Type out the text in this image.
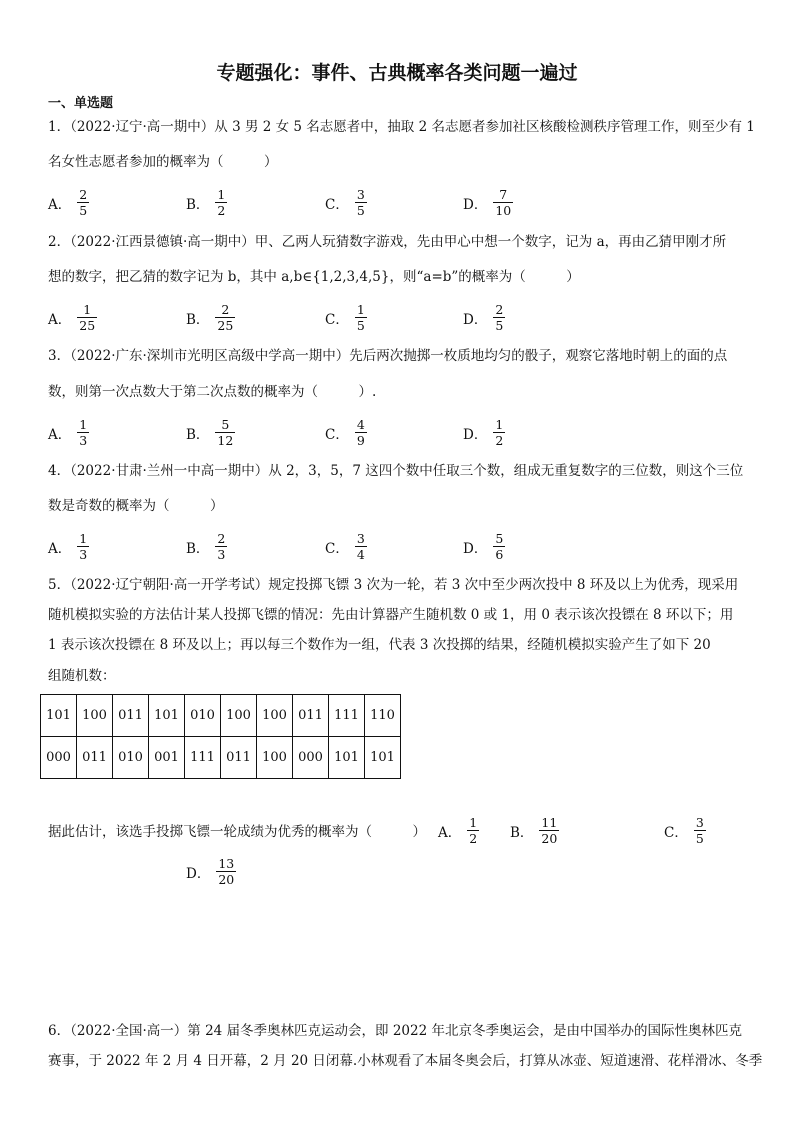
专题强化：事件、古典概率各类问题一遍过
一、单选题
1．（2022·辽宁·高一期中）从 3 男 2 女 5 名志愿者中，抽取 2 名志愿者参加社区核酸检测秩序管理工作，则至少有 1
名女性志愿者参加的概率为（　　　）
A． $\frac{2}{5}$	B． $\frac{1}{2}$	C． $\frac{3}{5}$	D． $\frac{7}{10}$
2．（2022·江西景德镇·高一期中）甲、乙两人玩猜数字游戏，先由甲心中想一个数字，记为 a，再由乙猜甲刚才所
想的数字，把乙猜的数字记为 b，其中 a,b∈{1,2,3,4,5}，则“a=b”的概率为（　　　）
A． $\frac{1}{25}$	B． $\frac{2}{25}$	C． $\frac{1}{5}$	D． $\frac{2}{5}$
3．（2022·广东·深圳市光明区高级中学高一期中）先后两次抛掷一枚质地均匀的骰子，观察它落地时朝上的面的点
数，则第一次点数大于第二次点数的概率为（　　　）.
A． $\frac{1}{3}$	B． $\frac{5}{12}$	C． $\frac{4}{9}$	D． $\frac{1}{2}$
4．（2022·甘肃·兰州一中高一期中）从 2，3，5，7 这四个数中任取三个数，组成无重复数字的三位数，则这个三位
数是奇数的概率为（　　　）
A． $\frac{1}{3}$	B． $\frac{2}{3}$	C． $\frac{3}{4}$	D． $\frac{5}{6}$
5．（2022·辽宁朝阳·高一开学考试）规定投掷飞镖 3 次为一轮，若 3 次中至少两次投中 8 环及以上为优秀，现采用
随机模拟实验的方法估计某人投掷飞镖的情况：先由计算器产生随机数 0 或 1，用 0 表示该次投镖在 8 环以下；用
1 表示该次投镖在 8 环及以上；再以每三个数作为一组，代表 3 次投掷的结果，经随机模拟实验产生了如下 20
组随机数：
101	100	011	101	010	100	100	011	111	110
000	011	010	001	111	011	100	000	101	101
据此估计，该选手投掷飞镖一轮成绩为优秀的概率为（　　　） A． $\frac{1}{2}$ B． $\frac{11}{20}$	C． $\frac{3}{5}$
D． $\frac{13}{20}$
6．（2022·全国·高一）第 24 届冬季奥林匹克运动会，即 2022 年北京冬季奥运会，是由中国举办的国际性奥林匹克
赛事，于 2022 年 2 月 4 日开幕，2 月 20 日闭幕.小林观看了本届冬奥会后，打算从冰壶、短道速滑、花样滑冰、冬季
